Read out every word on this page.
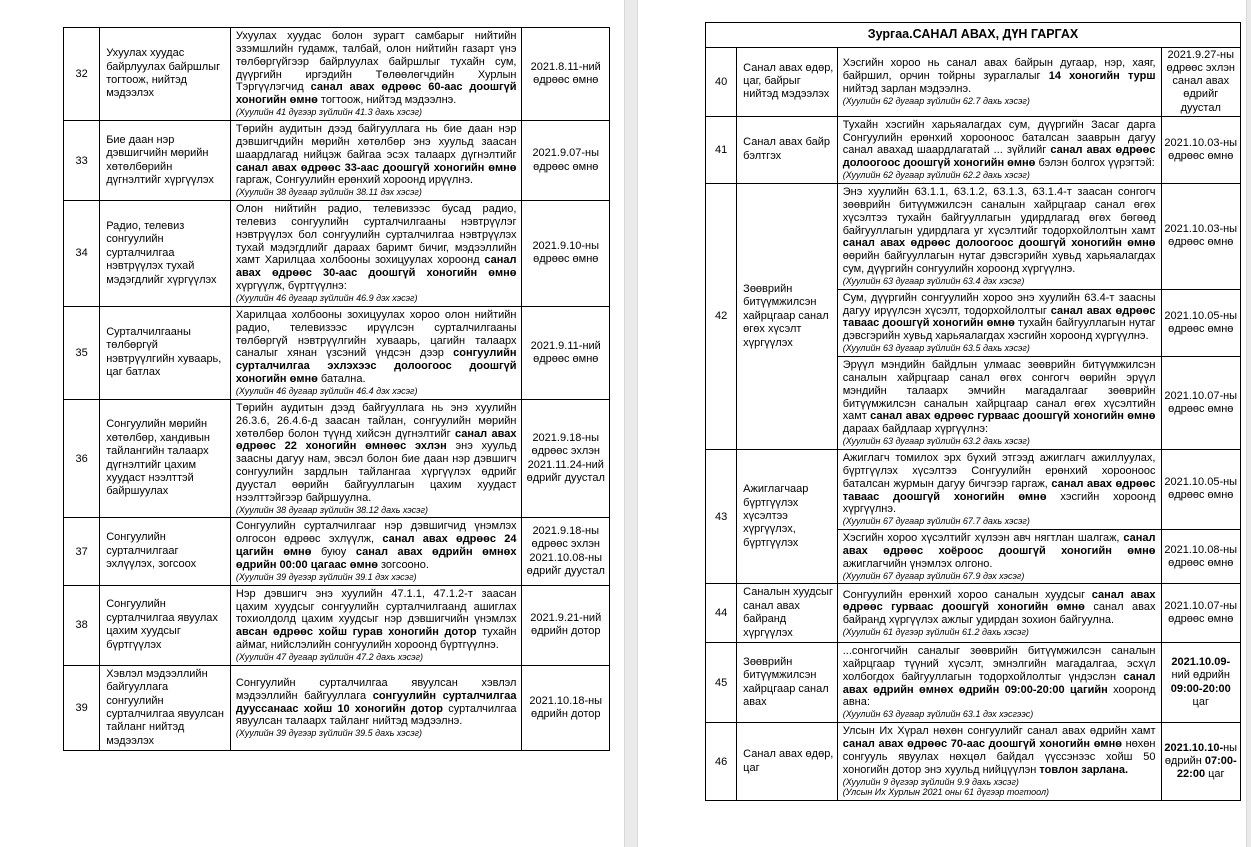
32	Ухуулах хуудас байрлуулах байршлыг тогтоож, нийтэд мэдээлэх	Ухуулах хуудас болон зурагт самбарыг нийтийн эзэмшлийн гудамж, талбай, олон нийтийн газарт үнэ төлбөргүйгээр байрлуулах байршлыг тухайн сум, дүүргийн иргэдийн Төлөөлөгчдийн Хурлын Тэргүүлэгчид санал авах өдрөөс 60-аас доошгүй хоногийн өмнө тогтоож, нийтэд мэдээлнэ.
(Хуулийн 41 дүгээр зүйлийн 41.3 дахь хэсэг)	2021.8.11-ний өдрөөс өмнө
33	Бие даан нэр дэвшигчийн мөрийн хөтөлбөрийн дүгнэлтийг хүргүүлэх	Төрийн аудитын дээд байгууллага нь бие даан нэр дэвшигчдийн мөрийн хөтөлбөр энэ хуульд заасан шаардлагад нийцэж байгаа эсэх талаарх дүгнэлтийг санал авах өдрөөс 33-аас доошгүй хоногийн өмнө гаргаж, Сонгуулийн ерөнхий хороонд ирүүлнэ.
(Хуулийн 38 дугаар зүйлийн 38.11 дэх хэсэг)	2021.9.07-ны өдрөөс өмнө
34	Радио, телевиз сонгуулийн сурталчилгаа нэвтрүүлэх тухай мэдэгдлийг хүргүүлэх	Олон нийтийн радио, телевизээс бусад радио, телевиз сонгуулийн сурталчилгааны нэвтрүүлэг нэвтрүүлэх бол сонгуулийн сурталчилгаа нэвтрүүлэх тухай мэдэгдлийг дараах баримт бичиг, мэдээллийн хамт Харилцаа холбооны зохицуулах хороонд санал авах өдрөөс 30-аас доошгүй хоногийн өмнө хүргүүлж, бүртгүүлнэ:
(Хуулийн 46 дугаар зүйлийн 46.9 дэх хэсэг)	2021.9.10-ны өдрөөс өмнө
35	Сурталчилгааны төлбөргүй нэвтрүүлгийн хуваарь, цаг батлах	Харилцаа холбооны зохицуулах хороо олон нийтийн радио, телевизээс ирүүлсэн сурталчилгааны төлбөргүй нэвтрүүлгийн хуваарь, цагийн талаарх саналыг хянан үзсэний үндсэн дээр сонгуулийн сурталчилгаа эхлэхээс долоогоос доошгүй хоногийн өмнө батална.
(Хуулийн 46 дугаар зүйлийн 46.4 дэх хэсэг)	2021.9.11-ний өдрөөс өмнө
36	Сонгуулийн мөрийн хөтөлбөр, хандивын тайлангийн талаарх дүгнэлтийг цахим хуудаст нээлттэй байршуулах	Төрийн аудитын дээд байгууллага нь энэ хуулийн 26.3.6, 26.4.6-д заасан тайлан, сонгуулийн мөрийн хөтөлбөр болон түүнд хийсэн дүгнэлтийг санал авах өдрөөс 22 хоногийн өмнөөс эхлэн энэ хуульд заасны дагуу нам, эвсэл болон бие даан нэр дэвшигч сонгуулийн зардлын тайлангаа хүргүүлэх өдрийг дуустал өөрийн байгууллагын цахим хуудаст нээлттэйгээр байршуулна.
(Хуулийн 38 дугаар зүйлийн 38.12 дахь хэсэг)	2021.9.18-ны өдрөөс эхлэн 2021.11.24-ний өдрийг дуустал
37	Сонгуулийн сурталчилгааг эхлүүлэх, зогсоох	Сонгуулийн сурталчилгааг нэр дэвшигчид үнэмлэх олгосон өдрөөс эхлүүлж, санал авах өдрөөс 24 цагийн өмнө буюу санал авах өдрийн өмнөх өдрийн 00:00 цагаас өмнө зогсооно.
(Хуулийн 39 дүгээр зүйлийн 39.1 дэх хэсэг)	2021.9.18-ны өдрөөс эхлэн 2021.10.08-ны өдрийг дуустал
38	Сонгуулийн сурталчилгаа явуулах цахим хуудсыг бүртгүүлэх	Нэр дэвшигч энэ хуулийн 47.1.1, 47.1.2-т заасан цахим хуудсыг сонгуулийн сурталчилгаанд ашиглах тохиолдолд цахим хуудсыг нэр дэвшигчийн үнэмлэх авсан өдрөөс хойш гурав хоногийн дотор тухайн аймаг, нийслэлийн сонгуулийн хороонд бүртгүүлнэ.
(Хуулийн 47 дугаар зүйлийн 47.2 дахь хэсэг)	2021.9.21-ний өдрийн дотор
39	Хэвлэл мэдээллийн байгууллага сонгуулийн сурталчилгаа явуулсан тайланг нийтэд мэдээлэх	Сонгуулийн сурталчилгаа явуулсан хэвлэл мэдээллийн байгууллага сонгуулийн сурталчилгаа дууссанаас хойш 10 хоногийн дотор сурталчилгаа явуулсан талаарх тайланг нийтэд мэдээлнэ.
(Хуулийн 39 дүгээр зүйлийн 39.5 дахь хэсэг)	2021.10.18-ны өдрийн дотор
Зургаа.САНАЛ АВАХ, ДҮН ГАРГАХ			
40	Санал авах өдөр, цаг, байрыг нийтэд мэдээлэх	Хэсгийн хороо нь санал авах байрын дугаар, нэр, хаяг, байршил, орчин тойрны зураглалыг 14 хоногийн турш нийтэд зарлан мэдээлнэ.
(Хуулийн 62 дугаар зүйлийн 62.7 дахь хэсэг)	2021.9.27-ны өдрөөс эхлэн санал авах өдрийг дуустал
41	Санал авах байр бэлтгэх	Тухайн хэсгийн харьяалагдах сум, дүүргийн Засаг дарга Сонгуулийн ерөнхий хорооноос баталсан зааврын дагуу санал авахад шаардлагатай ... зүйлийг санал авах өдрөөс долоогоос доошгүй хоногийн өмнө бэлэн болгох үүрэгтэй:
(Хуулийн 62 дугаар зүйлийн 62.2 дахь хэсэг)	2021.10.03-ны өдрөөс өмнө
42	Зөөврийн битүүмжилсэн хайрцгаар санал өгөх хүсэлт хүргүүлэх	Энэ хуулийн 63.1.1, 63.1.2, 63.1.3, 63.1.4-т заасан сонгогч зөөврийн битүүмжилсэн саналын хайрцгаар санал өгөх хүсэлтээ тухайн байгууллагын удирдлагад өгөх бөгөөд байгууллагын удирдлага уг хүсэлтийг тодорхойлолтын хамт санал авах өдрөөс долоогоос доошгүй хоногийн өмнө өөрийн байгууллагын нутаг дэвсгэрийн хувьд харьяалагдах сум, дүүргийн сонгуулийн хороонд хүргүүлнэ.
(Хуулийн 63 дугаар зүйлийн 63.4 дэх хэсэг)	2021.10.03-ны өдрөөс өмнө

		Сум, дүүргийн сонгуулийн хороо энэ хуулийн 63.4-т заасны дагуу ирүүлсэн хүсэлт, тодорхойлолтыг санал авах өдрөөс таваас доошгүй хоногийн өмнө тухайн байгууллагын нутаг дэвсгэрийн хувьд харьяалагдах хэсгийн хороонд хүргүүлнэ.
(Хуулийн 63 дугаар зүйлийн 63.5 дахь хэсэг)	2021.10.05-ны өдрөөс өмнө

		Эрүүл мэндийн байдлын улмаас зөөврийн битүүмжилсэн саналын хайрцгаар санал өгөх сонгогч өөрийн эрүүл мэндийн талаарх эмчийн магадалгааг зөөврийн битүүмжилсэн саналын хайрцгаар санал өгөх хүсэлтийн хамт санал авах өдрөөс гурваас доошгүй хоногийн өмнө дараах байдлаар хүргүүлнэ:
(Хуулийн 63 дугаар зүйлийн 63.2 дахь хэсэг)	2021.10.07-ны өдрөөс өмнө
43	Ажиглагчаар бүртгүүлэх хүсэлтээ хүргүүлэх, бүртгүүлэх	Ажиглагч томилох эрх бүхий этгээд ажиглагч ажиллуулах, бүртгүүлэх хүсэлтээ Сонгуулийн ерөнхий хорооноос баталсан журмын дагуу бичгээр гаргаж, санал авах өдрөөс таваас доошгүй хоногийн өмнө хэсгийн хороонд хүргүүлнэ.
(Хуулийн 67 дугаар зүйлийн 67.7 дахь хэсэг)	2021.10.05-ны өдрөөс өмнө

		Хэсгийн хороо хүсэлтийг хүлээн авч нягтлан шалгаж, санал авах өдрөөс хоёроос доошгүй хоногийн өмнө ажиглагчийн үнэмлэх олгоно.
(Хуулийн 67 дугаар зүйлийн 67.9 дэх хэсэг)	2021.10.08-ны өдрөөс өмнө
44	Саналын хуудсыг санал авах байранд хүргүүлэх	Сонгуулийн ерөнхий хороо саналын хуудсыг санал авах өдрөөс гурваас доошгүй хоногийн өмнө санал авах байранд хүргүүлэх ажлыг удирдан зохион байгуулна.
(Хуулийн 61 дүгээр зүйлийн 61.2 дахь хэсэг)	2021.10.07-ны өдрөөс өмнө
45	Зөөврийн битүүмжилсэн хайрцгаар санал авах	...сонгогчийн саналыг зөөврийн битүүмжилсэн саналын хайрцгаар түүний хүсэлт, эмнэлгийн магадалгаа, эсхүл холбогдох байгууллагын тодорхойлолтыг үндэслэн санал авах өдрийн өмнөх өдрийн 09:00-20:00 цагийн хооронд авна:
(Хуулийн 63 дугаар зүйлийн 63.1 дэх хэсгээс)	2021.10.09-ний өдрийн 09:00-20:00 цаг
46	Санал авах өдөр, цаг	Улсын Их Хүрал нөхөн сонгуулийг санал авах өдрийн хамт санал авах өдрөөс 70-аас доошгүй хоногийн өмнө нөхөн сонгууль явуулах нөхцөл байдал үүссэнээс хойш 50 хоногийн дотор энэ хуульд нийцүүлэн товлон зарлана.
(Хуулийн 9 дүгээр зүйлийн 9.9 дахь хэсэг)
(Улсын Их Хурлын 2021 оны 61 дүгээр тогтоол)	2021.10.10-ны өдрийн 07:00-22:00 цаг
